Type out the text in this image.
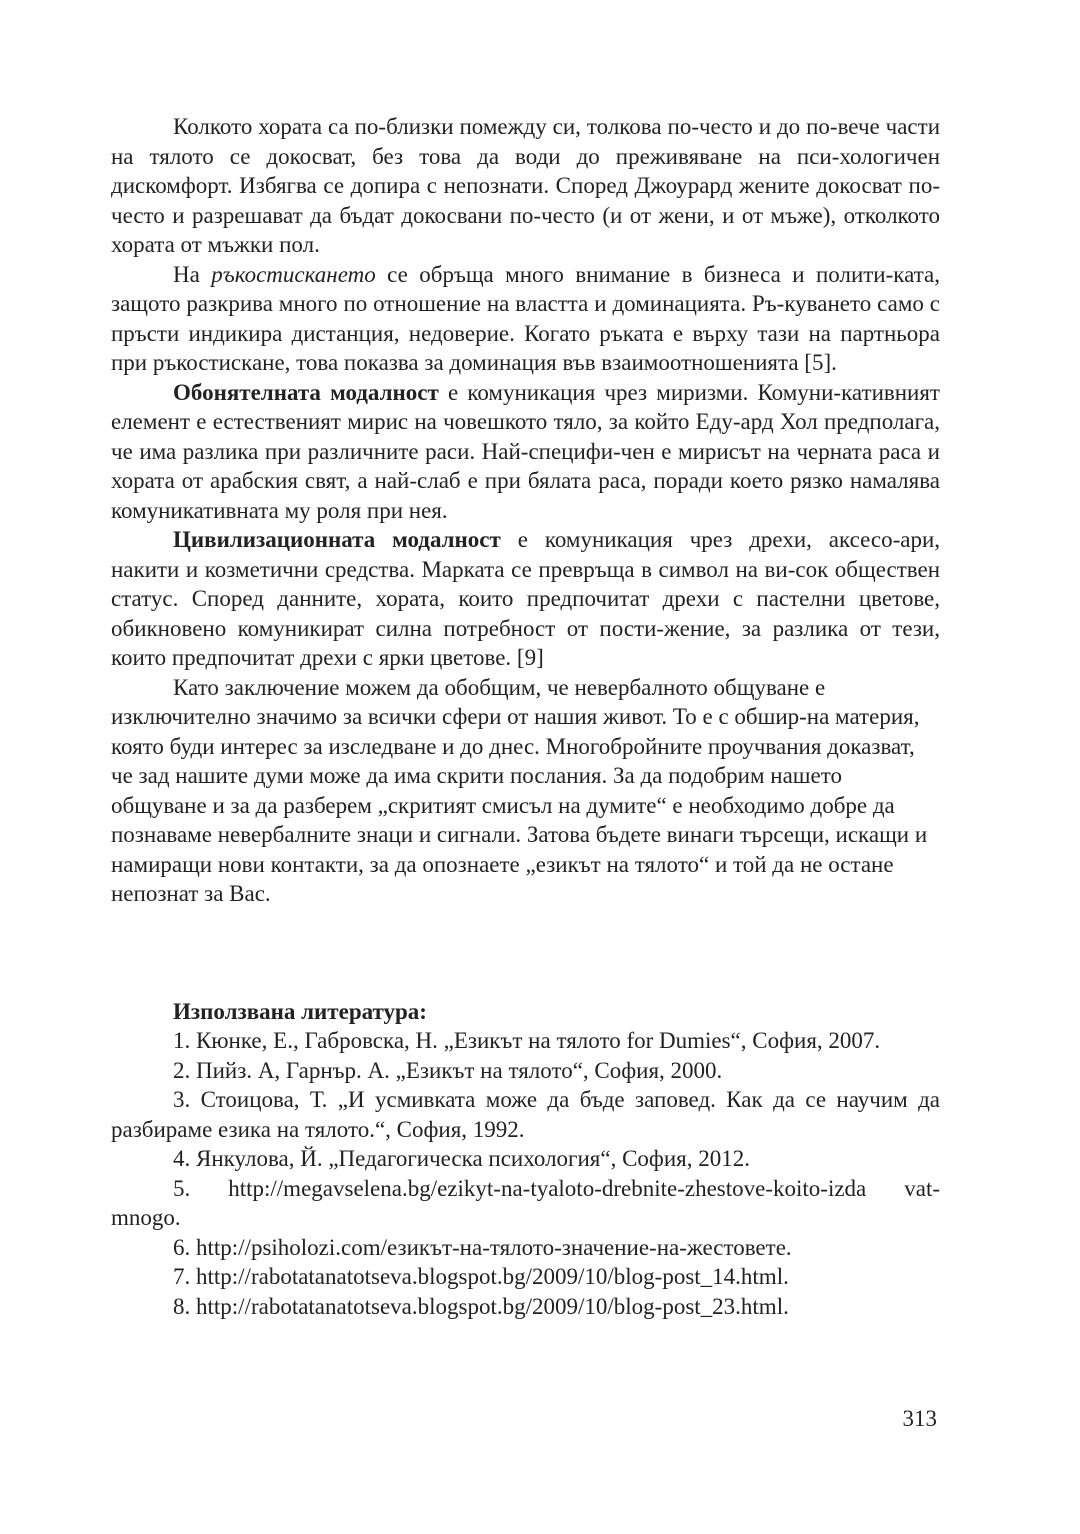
Колкото хората са по-близки помежду си, толкова по-често и до по-вече части на тялото се докосват, без това да води до преживяване на пси-хологичен дискомфорт. Избягва се допира с непознати. Според Джоурард жените докосват по-често и разрешават да бъдат докосвани по-често (и от жени, и от мъже), отколкото хората от мъжки пол.

На ръкостискането се обръща много внимание в бизнеса и полити-ката, защото разкрива много по отношение на властта и доминацията. Ръ-куването само с пръсти индикира дистанция, недоверие. Когато ръката е върху тази на партньора при ръкостискане, това показва за доминация във взаимоотношенията [5].

Обонятелната модалност е комуникация чрез миризми. Комуни-кативният елемент е естественият мирис на човешкото тяло, за който Еду-ард Хол предполага, че има разлика при различните раси. Най-специфи-чен е мирисът на черната раса и хората от арабския свят, а най-слаб е при бялата раса, поради което рязко намалява комуникативната му роля при нея.

Цивилизационната модалност е комуникация чрез дрехи, аксесо-ари, накити и козметични средства. Марката се превръща в символ на ви-сок обществен статус. Според данните, хората, които предпочитат дрехи с пастелни цветове, обикновено комуникират силна потребност от пости-жение, за разлика от тези, които предпочитат дрехи с ярки цветове. [9]

Като заключение можем да обобщим, че невербалното общуване е изключително значимо за всички сфери от нашия живот. То е с обшир-на материя, която буди интерес за изследване и до днес. Многобройните проучвания доказват, че зад нашите думи може да има скрити послания. За да подобрим нашето общуване и за да разберем „скритият смисъл на думите“ е необходимо добре да познаваме невербалните знаци и сигнали. Затова бъдете винаги търсещи, искащи и намиращи нови контакти, за да опознаете „езикът на тялото“ и той да не остане непознат за Вас.

Използвана литература:

1. Кюнке, Е., Габровска, Н. „Езикът на тялото for Dumies“, София, 2007.

2. Пийз. А, Гарнър. А. „Езикът на тялото“, София, 2000.

3. Стоицова, Т. „И усмивката може да бъде заповед. Как да се научим да разбираме езика на тялото.“, София, 1992.

4. Янкулова, Й. „Педагогическа психология“, София, 2012.

5. http://megavselena.bg/ezikyt-na-tyaloto-drebnite-zhestove-koito-izda vat-mnogo.

6. http://psiholozi.com/езикът-на-тялото-значение-на-жестовете.

7. http://rabotatanatotseva.blogspot.bg/2009/10/blog-post_14.html.

8. http://rabotatanatotseva.blogspot.bg/2009/10/blog-post_23.html.

313
